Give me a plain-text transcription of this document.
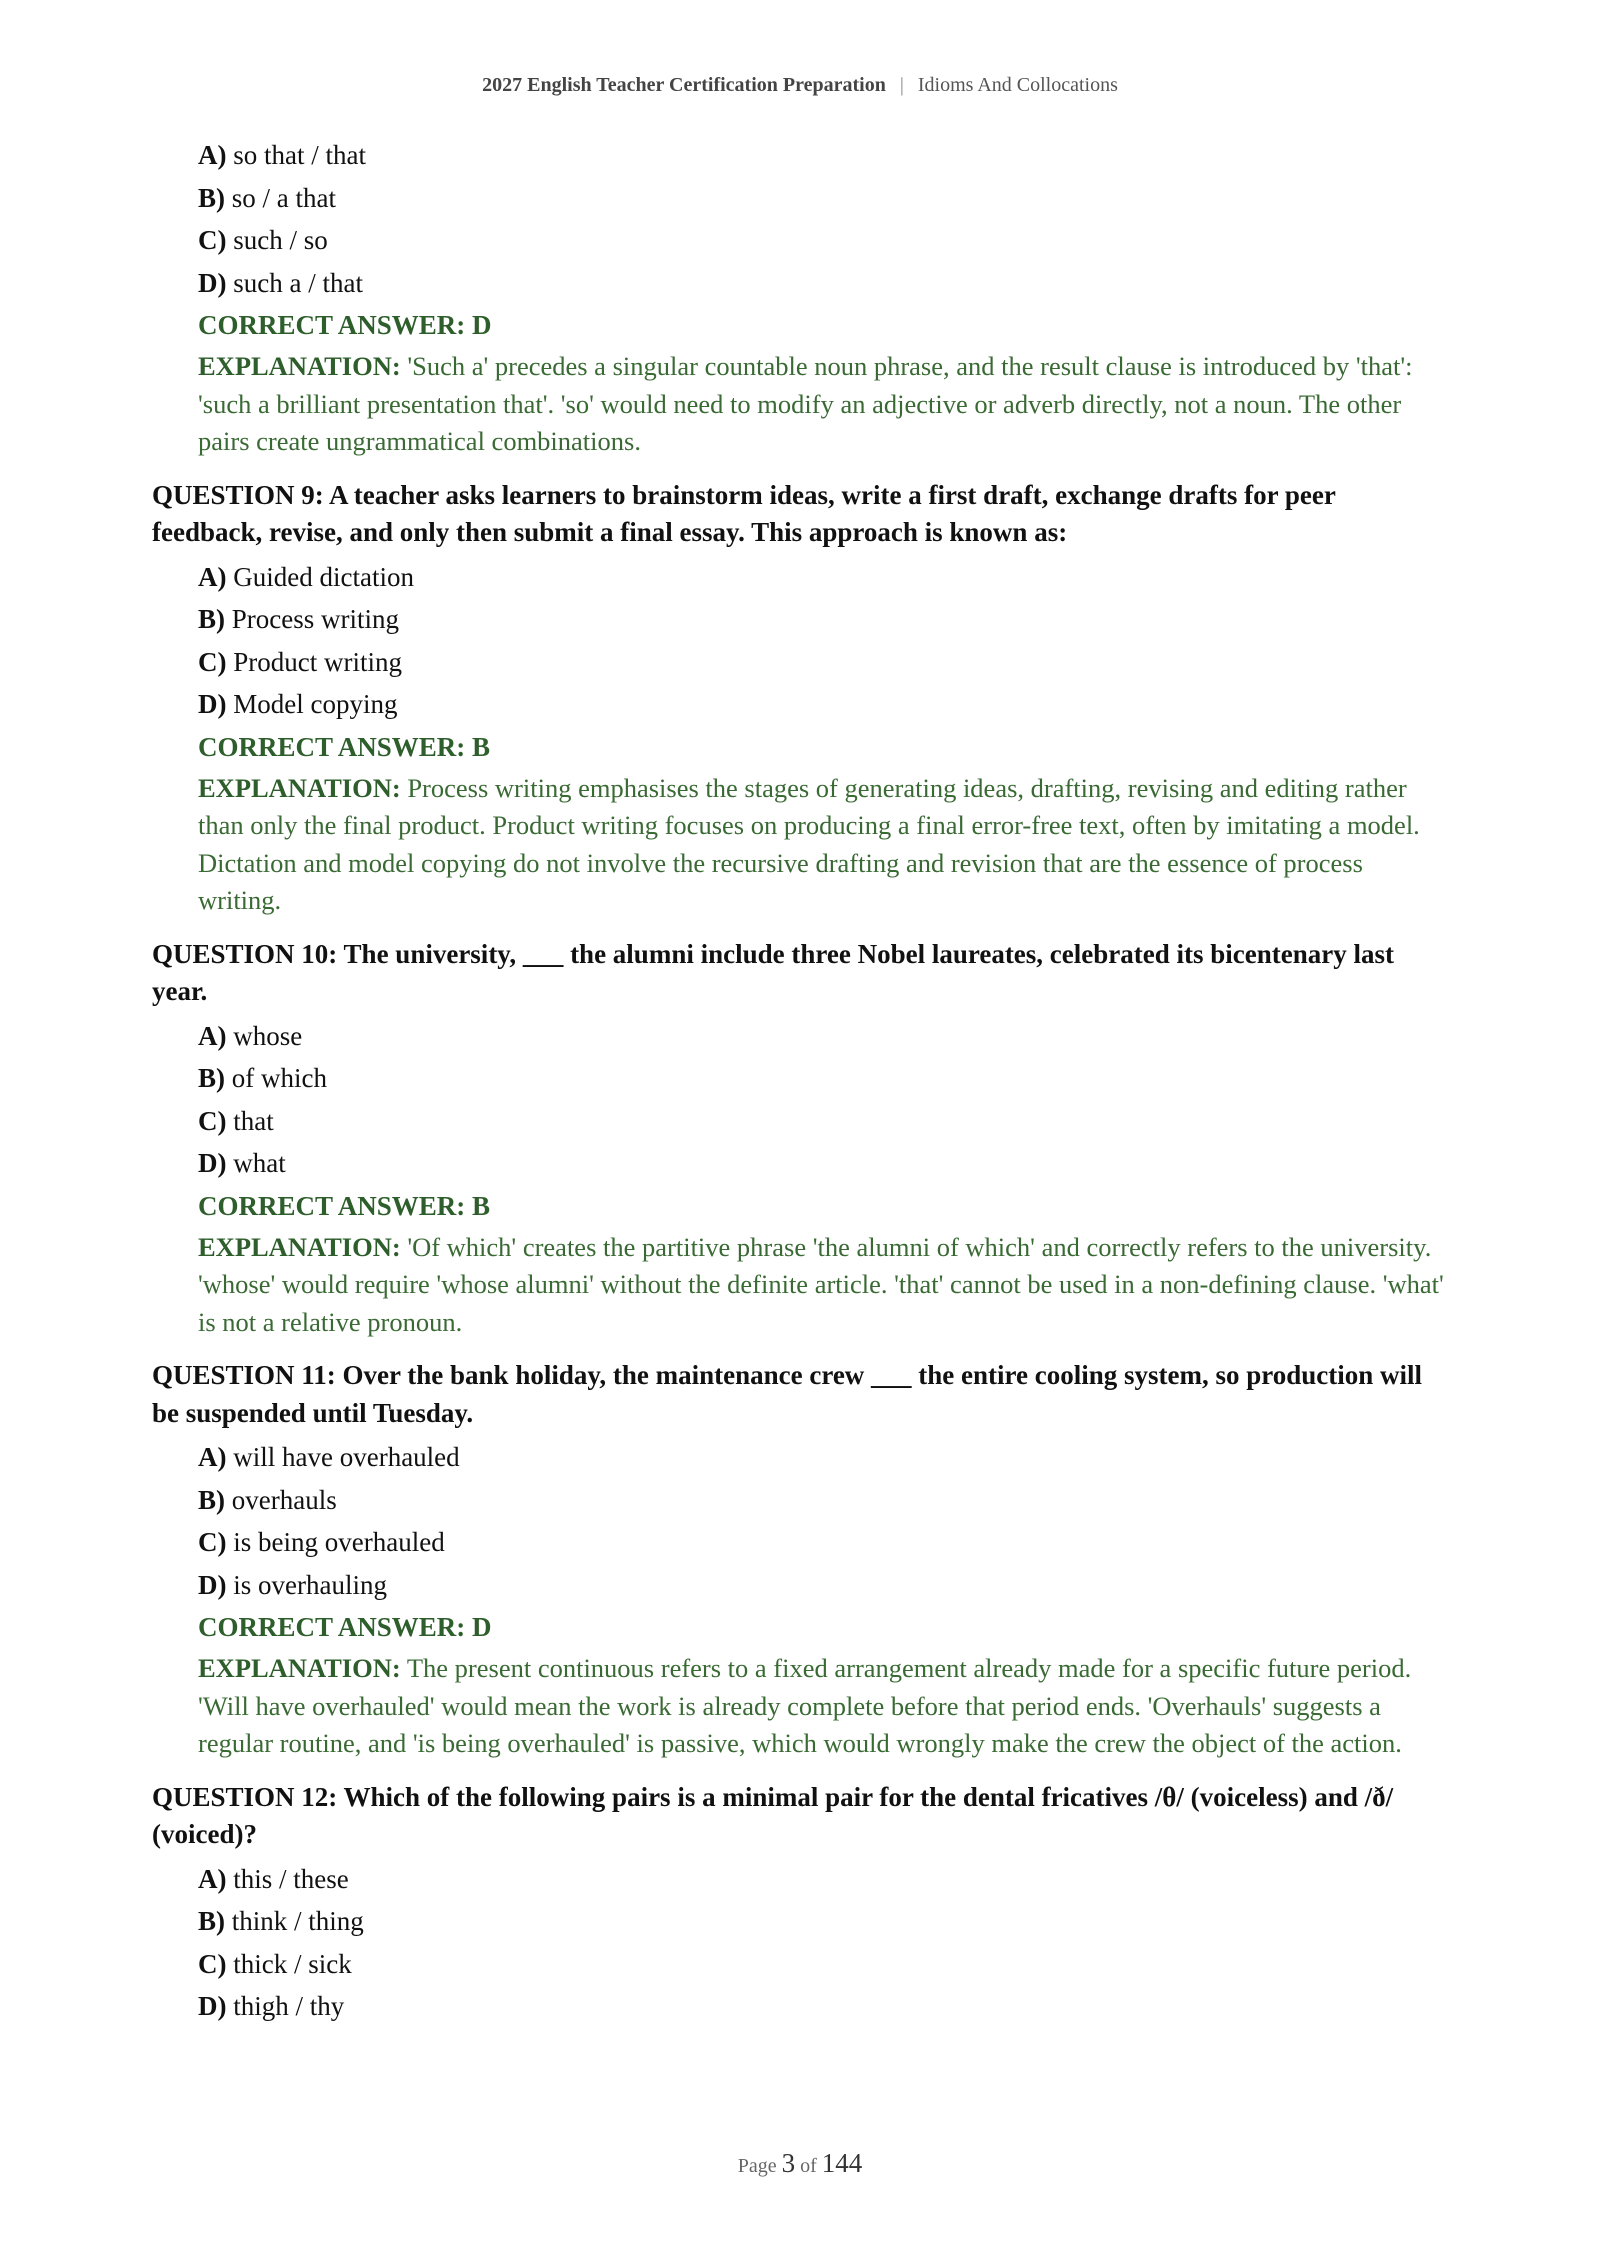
2027 English Teacher Certification Preparation | Idioms And Collocations
A) so that / that
B) so / a that
C) such / so
D) such a / that
CORRECT ANSWER: D
EXPLANATION: 'Such a' precedes a singular countable noun phrase, and the result clause is introduced by 'that': 'such a brilliant presentation that'. 'so' would need to modify an adjective or adverb directly, not a noun. The other pairs create ungrammatical combinations.
QUESTION 9: A teacher asks learners to brainstorm ideas, write a first draft, exchange drafts for peer feedback, revise, and only then submit a final essay. This approach is known as:
A) Guided dictation
B) Process writing
C) Product writing
D) Model copying
CORRECT ANSWER: B
EXPLANATION: Process writing emphasises the stages of generating ideas, drafting, revising and editing rather than only the final product. Product writing focuses on producing a final error-free text, often by imitating a model. Dictation and model copying do not involve the recursive drafting and revision that are the essence of process writing.
QUESTION 10: The university, ___ the alumni include three Nobel laureates, celebrated its bicentenary last year.
A) whose
B) of which
C) that
D) what
CORRECT ANSWER: B
EXPLANATION: 'Of which' creates the partitive phrase 'the alumni of which' and correctly refers to the university. 'whose' would require 'whose alumni' without the definite article. 'that' cannot be used in a non-defining clause. 'what' is not a relative pronoun.
QUESTION 11: Over the bank holiday, the maintenance crew ___ the entire cooling system, so production will be suspended until Tuesday.
A) will have overhauled
B) overhauls
C) is being overhauled
D) is overhauling
CORRECT ANSWER: D
EXPLANATION: The present continuous refers to a fixed arrangement already made for a specific future period. 'Will have overhauled' would mean the work is already complete before that period ends. 'Overhauls' suggests a regular routine, and 'is being overhauled' is passive, which would wrongly make the crew the object of the action.
QUESTION 12: Which of the following pairs is a minimal pair for the dental fricatives /θ/ (voiceless) and /ð/ (voiced)?
A) this / these
B) think / thing
C) thick / sick
D) thigh / thy
Page 3 of 144
